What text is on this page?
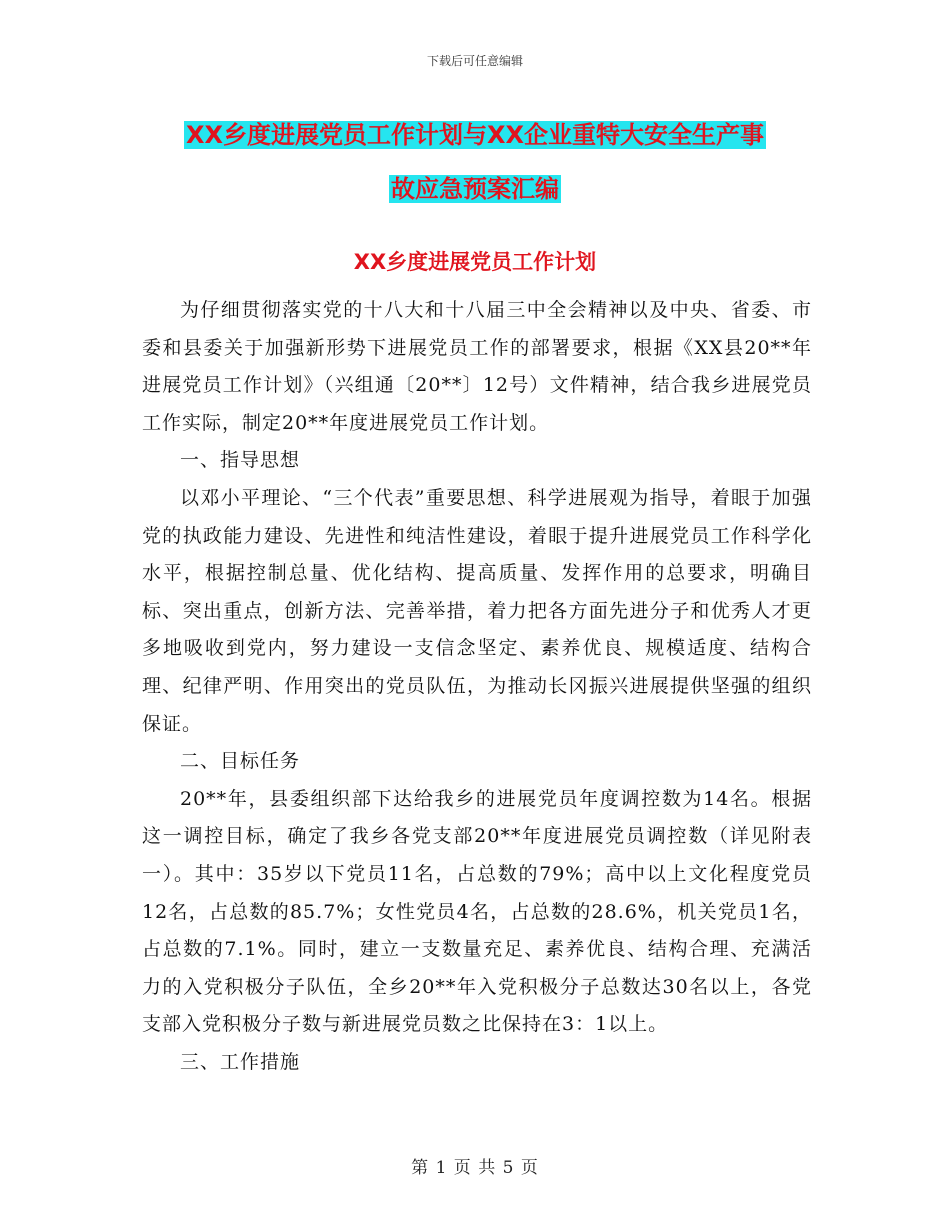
下载后可任意编辑
XX乡度进展党员工作计划与XX企业重特大安全生产事
故应急预案汇编
XX乡度进展党员工作计划

为仔细贯彻落实党的十八大和十八届三中全会精神以及中央、省委、市委和县委关于加强新形势下进展党员工作的部署要求，根据《XX县20**年进展党员工作计划》（兴组通〔20**〕12号）文件精神，结合我乡进展党员工作实际，制定20**年度进展党员工作计划。

一、指导思想

以邓小平理论、“三个代表”重要思想、科学进展观为指导，着眼于加强党的执政能力建设、先进性和纯洁性建设，着眼于提升进展党员工作科学化水平，根据控制总量、优化结构、提高质量、发挥作用的总要求，明确目标、突出重点，创新方法、完善举措，着力把各方面先进分子和优秀人才更多地吸收到党内，努力建设一支信念坚定、素养优良、规模适度、结构合理、纪律严明、作用突出的党员队伍，为推动长冈振兴进展提供坚强的组织保证。

二、目标任务

20**年，县委组织部下达给我乡的进展党员年度调控数为14名。根据这一调控目标，确定了我乡各党支部20**年度进展党员调控数（详见附表一）。其中：35岁以下党员11名，占总数的79%；高中以上文化程度党员12名，占总数的85.7%；女性党员4名，占总数的28.6%，机关党员1名，占总数的7.1%。同时，建立一支数量充足、素养优良、结构合理、充满活力的入党积极分子队伍，全乡20**年入党积极分子总数达30名以上，各党支部入党积极分子数与新进展党员数之比保持在3：1以上。

三、工作措施

第 1 页 共 5 页
